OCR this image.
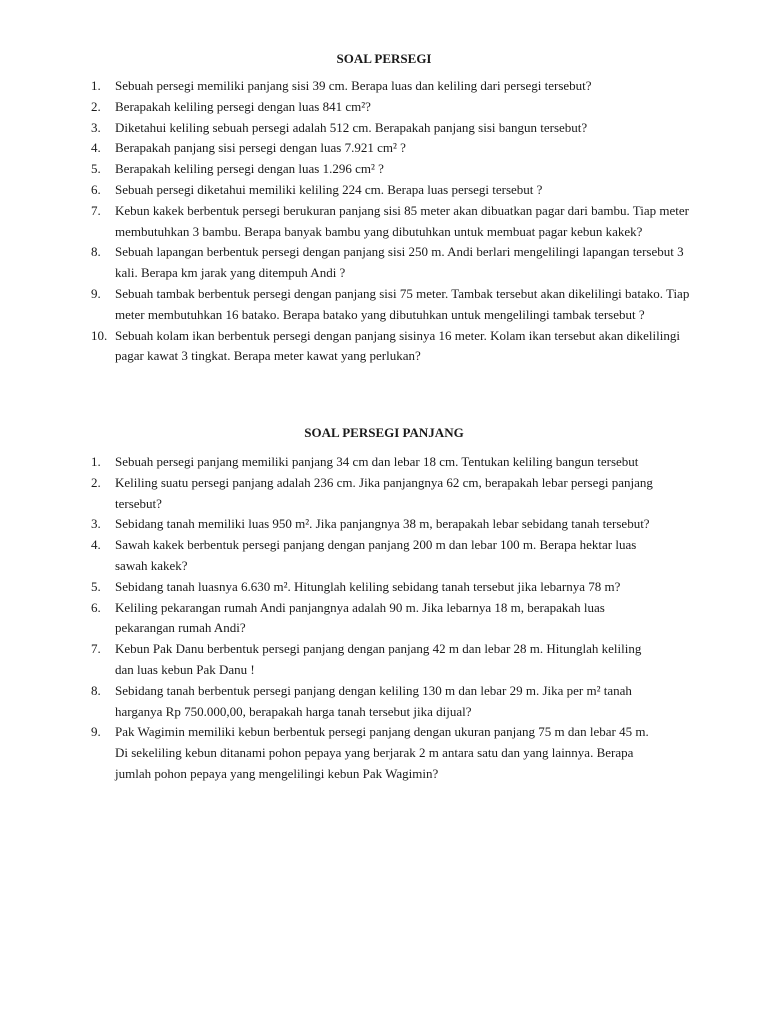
SOAL PERSEGI
1. Sebuah persegi memiliki panjang sisi 39 cm. Berapa luas dan keliling dari persegi tersebut?
2. Berapakah keliling persegi dengan luas 841 cm²?
3. Diketahui keliling sebuah persegi adalah 512 cm. Berapakah panjang sisi bangun tersebut?
4. Berapakah panjang sisi persegi dengan luas 7.921 cm² ?
5. Berapakah keliling persegi dengan luas 1.296 cm² ?
6. Sebuah persegi diketahui memiliki keliling 224 cm. Berapa luas persegi tersebut ?
7. Kebun kakek berbentuk persegi berukuran panjang sisi 85 meter akan dibuatkan pagar dari bambu. Tiap meter membutuhkan 3 bambu. Berapa banyak bambu yang dibutuhkan untuk membuat pagar kebun kakek?
8. Sebuah lapangan berbentuk persegi dengan panjang sisi 250 m. Andi berlari mengelilingi lapangan tersebut 3 kali. Berapa km jarak yang ditempuh Andi ?
9. Sebuah tambak berbentuk persegi dengan panjang sisi 75 meter. Tambak tersebut akan dikelilingi batako. Tiap meter membutuhkan 16 batako. Berapa batako yang dibutuhkan untuk mengelilingi tambak tersebut ?
10. Sebuah kolam ikan berbentuk persegi dengan panjang sisinya 16 meter. Kolam ikan tersebut akan dikelilingi pagar kawat 3 tingkat. Berapa meter kawat yang perlukan?
SOAL PERSEGI PANJANG
1. Sebuah persegi panjang memiliki panjang 34 cm dan lebar 18 cm. Tentukan keliling bangun tersebut
2. Keliling suatu persegi panjang adalah 236 cm. Jika panjangnya 62 cm, berapakah lebar persegi panjang tersebut?
3. Sebidang tanah memiliki luas 950 m². Jika panjangnya 38 m, berapakah lebar sebidang tanah tersebut?
4. Sawah kakek berbentuk persegi panjang dengan panjang 200 m dan lebar 100 m. Berapa hektar luas sawah kakek?
5. Sebidang tanah luasnya 6.630 m². Hitunglah keliling sebidang tanah tersebut jika lebarnya 78 m?
6. Keliling pekarangan rumah Andi panjangnya adalah 90 m. Jika lebarnya 18 m, berapakah luas pekarangan rumah Andi?
7. Kebun Pak Danu berbentuk persegi panjang dengan panjang 42 m dan lebar 28 m. Hitunglah keliling dan luas kebun Pak Danu !
8. Sebidang tanah berbentuk persegi panjang dengan keliling 130 m dan lebar 29 m. Jika per m² tanah harganya Rp 750.000,00, berapakah harga tanah tersebut jika dijual?
9. Pak Wagimin memiliki kebun berbentuk persegi panjang dengan ukuran panjang 75 m dan lebar 45 m. Di sekeliling kebun ditanami pohon pepaya yang berjarak 2 m antara satu dan yang lainnya. Berapa jumlah pohon pepaya yang mengelilingi kebun Pak Wagimin?
